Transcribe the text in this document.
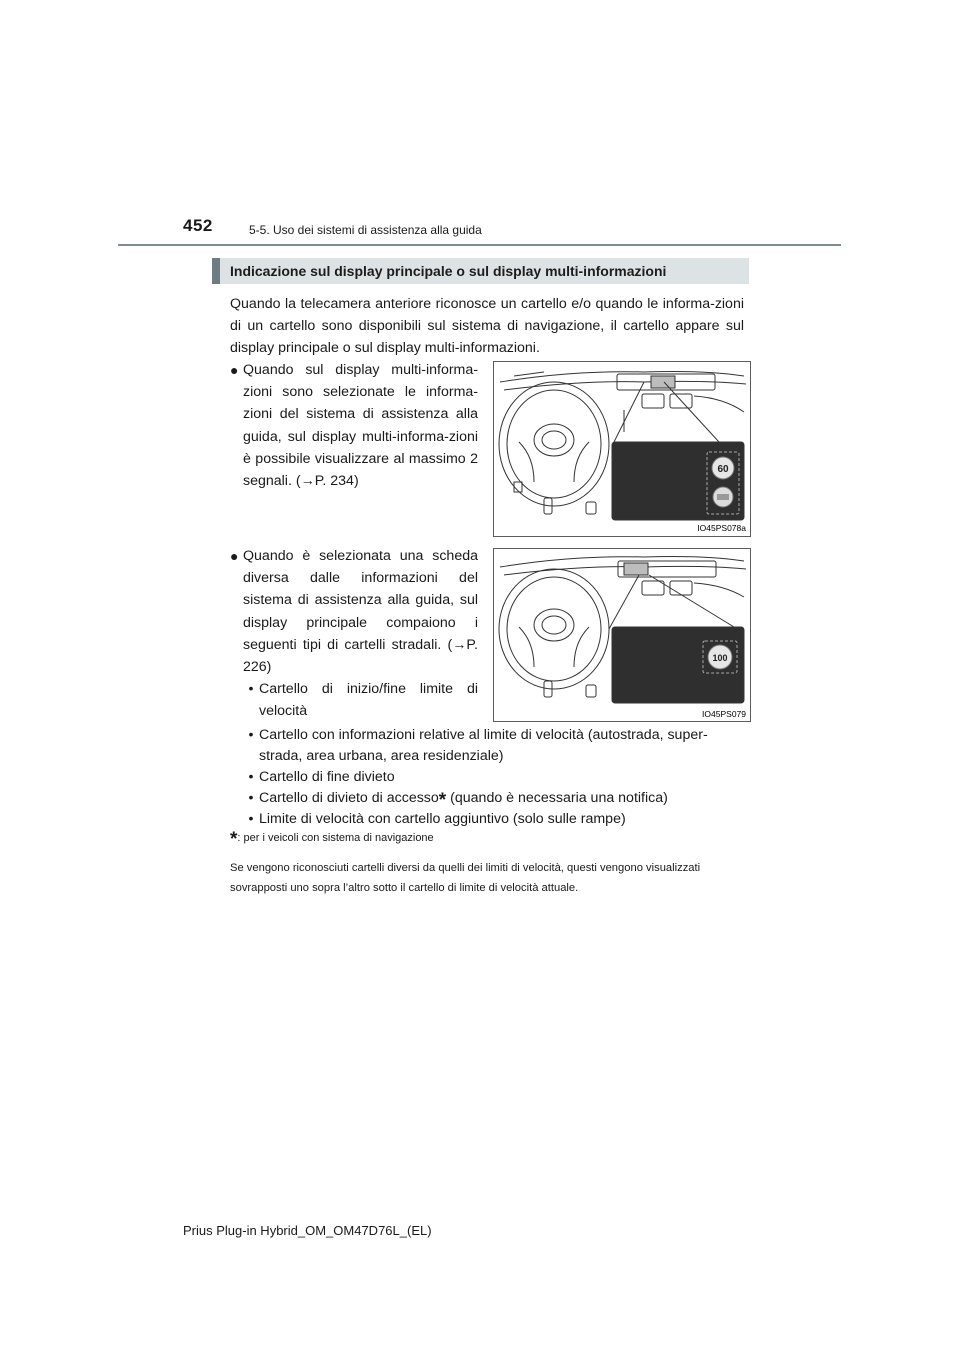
452	5-5. Uso dei sistemi di assistenza alla guida
Indicazione sul display principale o sul display multi-informazioni
Quando la telecamera anteriore riconosce un cartello e/o quando le informa-zioni di un cartello sono disponibili sul sistema di navigazione, il cartello appare sul display principale o sul display multi-informazioni.
● Quando sul display multi-informa-zioni sono selezionate le informa-zioni del sistema di assistenza alla guida, sul display multi-informa-zioni è possibile visualizzare al massimo 2 segnali. (→P. 234)
● Quando è selezionata una scheda diversa dalle informazioni del sistema di assistenza alla guida, sul display principale compaiono i seguenti tipi di cartelli stradali. (→P. 226)
• Cartello di inizio/fine limite di velocità
• Cartello con informazioni relative al limite di velocità (autostrada, super-strada, area urbana, area residenziale)
• Cartello di fine divieto
• Cartello di divieto di accesso* (quando è necessaria una notifica)
• Limite di velocità con cartello aggiuntivo (solo sulle rampe)
*: per i veicoli con sistema di navigazione
Se vengono riconosciuti cartelli diversi da quelli dei limiti di velocità, questi vengono visualizzati sovrapposti uno sopra l’altro sotto il cartello di limite di velocità attuale.
60
IO45PS078a
100
IO45PS079
Prius Plug-in Hybrid_OM_OM47D76L_(EL)
